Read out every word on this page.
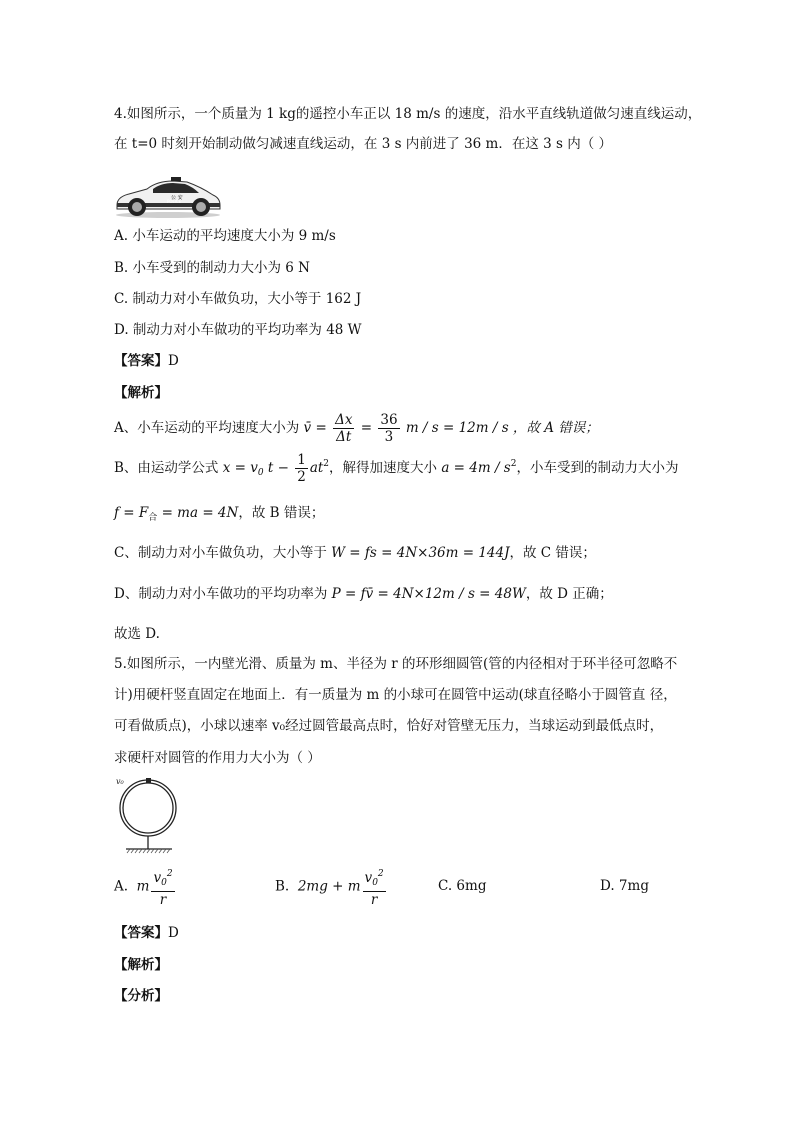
4.如图所示，一个质量为 1 kg的遥控小车正以 18 m/s 的速度，沿水平直线轨道做匀速直线运动，
在 t=0 时刻开始制动做匀减速直线运动，在 3 s 内前进了 36 m．在这 3 s 内（ ）
公 安
POLICE
A. 小车运动的平均速度大小为 9 m/s
B. 小车受到的制动力大小为 6 N
C. 制动力对小车做负功，大小等于 162 J
D. 制动力对小车做功的平均功率为 48 W
【答案】D
【解析】
A、小车运动的平均速度大小为 v̄ = $\frac{\Delta x}{\Delta t} = \frac{36}{3}$ m / s = 12m / s ，故 A 错误；
B、由运动学公式 $x = v_0$ $t - \frac{1}{2} at^2$，解得加速度大小 $a = 4m / s^2$，小车受到的制动力大小为
$f = F_合$ = ma = 4N，故 B 错误；
C、制动力对小车做负功，大小等于 W = fs = 4N×36m = 144J，故 C 错误；
D、制动力对小车做功的平均功率为 P = fv̄ = 4N×12m / s = 48W，故 D 正确；
故选 D.
5.如图所示，一内壁光滑、质量为 m、半径为 r 的环形细圆管(管的内径相对于环半径可忽略不
计)用硬杆竖直固定在地面上．有一质量为 m 的小球可在圆管中运动(球直径略小于圆管直 径，
可看做质点)，小球以速率 v₀经过圆管最高点时，恰好对管壁无压力，当球运动到最低点时，
求硬杆对圆管的作用力大小为（ ）
v₀
A. m $\frac{v_0^2}{r}$	B. 2mg + m $\frac{v_0^2}{r}$	C. 6mg	D. 7mg
【答案】D
【解析】
【分析】
